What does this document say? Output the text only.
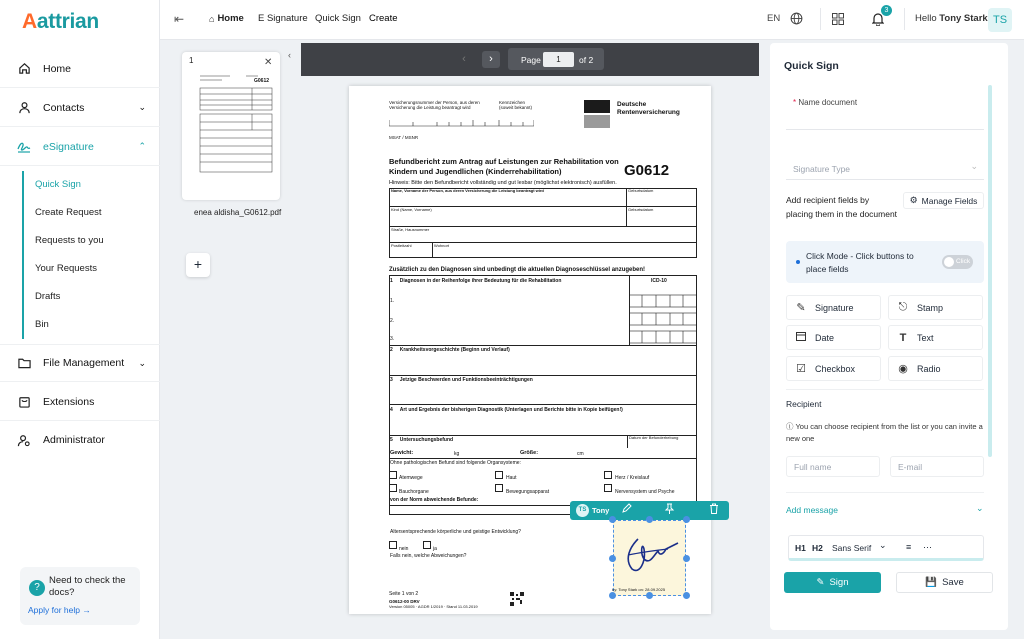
Aattrian
Home
Contacts	⌄
eSignature	⌃
Quick Sign
Create Request
Requests to you
Your Requests
Drafts
Bin
File Management ⌄
Extensions
Administrator
?
Need to check the docs?
Apply for help →
⇤	⌂ Home E Signature Quick Sign Create	EN
3
Hello Tony Stark TS
G0612
1	✕
enea aldisha_G0612.pdf
+
‹	‹	›	Page	1	of 2
Versicherungsnummer der Person, aus deren
Versicherung die Leistung beantragt wird
Kennzeichen (soweit bekannt)	Deutsche
Rentenversicherung
MSAT / MSNR
Befundbericht zum Antrag auf Leistungen zur Rehabilitation von
Kindern und Jugendlichen (Kinderrehabilitation)	G0612
Hinweis: Bitte den Befundbericht vollständig und gut lesbar (möglichst elektronisch) ausfüllen.
Name, Vorname der Person, aus deren Versicherung die Leistung beantragt wird	Geburtsdatum
Kind (Name, Vorname)	Geburtsdatum
Straße, Hausnummer
Postleitzahl	Wohnort
Zusätzlich zu den Diagnosen sind unbedingt die aktuellen Diagnoseschlüssel anzugeben!
1     Diagnosen in der Reihenfolge ihrer Bedeutung für die Rehabilitation	ICD-10
1.
2.
3.
2     Krankheitsvorgeschichte (Beginn und Verlauf)
3     Jetzige Beschwerden und Funktionsbeeinträchtigungen
4     Art und Ergebnis der bisherigen Diagnostik (Unterlagen und Berichte bitte in Kopie beifügen!)
5     Untersuchungsbefund	Datum der Befunderhebung
Gewicht:	kg	Größe:	cm
Ohne pathologischen Befund sind folgende Organsysteme:
Atemwege	Haut	Herz / Kreislauf
Bauchorgane	Bewegungsapparat	Nervensystem und Psyche
von der Norm abweichende Befunde:
Altersentsprechende körperliche und geistige Entwicklung?
nein	ja
Falls nein, welche Abweichungen?
Seite 1 von 2
G0612-00 DRV
Version 05005 · AGDR 1/2019 · Stand 11.03.2019
TS Tony
by: Tony Stark on: 28.09.2025
Quick Sign
* Name document
Signature Type	⌄
Add recipient fields by placing them in the document
⚙ Manage Fields
Click Mode - Click buttons to place fields
Click
✎	Signature	⎋	Stamp
Date	T	Text
☑	Checkbox	◉	Radio
Recipient
ⓘ You can choose recipient from the list or you can invite a new one
Full name	E-mail
Add message	⌄
H1 H2 Sans Serif ⌄ ≡ ⋯
✎ Sign	💾 Save
